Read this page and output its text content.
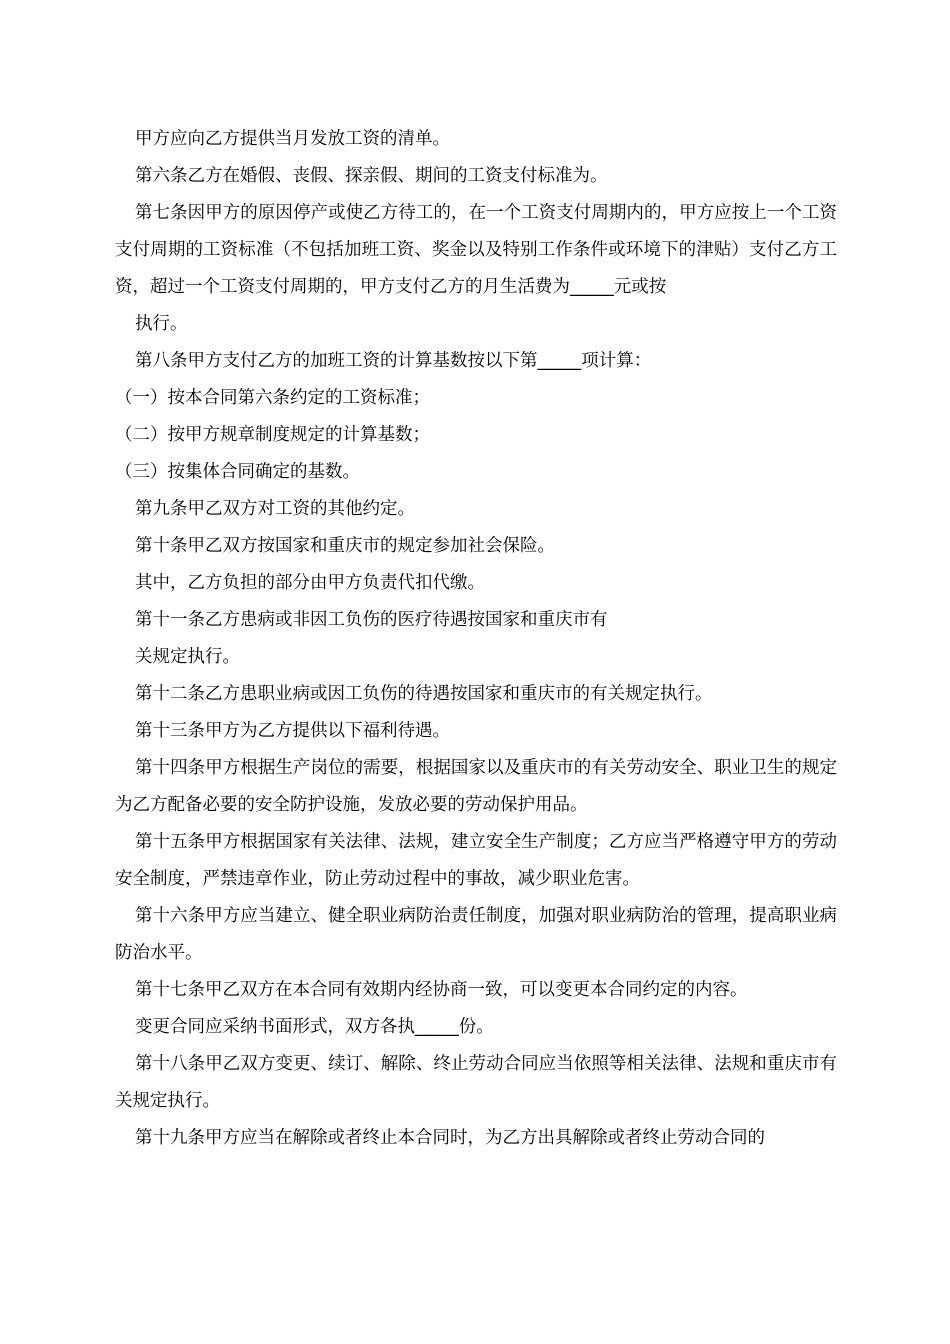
甲方应向乙方提供当月发放工资的清单。

第六条乙方在婚假、丧假、探亲假、期间的工资支付标准为。

第七条因甲方的原因停产或使乙方待工的，在一个工资支付周期内的，甲方应按上一个工资支付周期的工资标准（不包括加班工资、奖金以及特别工作条件或环境下的津贴）支付乙方工资，超过一个工资支付周期的，甲方支付乙方的月生活费为_____元或按

执行。

第八条甲方支付乙方的加班工资的计算基数按以下第_____项计算：

（一）按本合同第六条约定的工资标准；

（二）按甲方规章制度规定的计算基数；

（三）按集体合同确定的基数。

第九条甲乙双方对工资的其他约定。

第十条甲乙双方按国家和重庆市的规定参加社会保险。

其中，乙方负担的部分由甲方负责代扣代缴。

第十一条乙方患病或非因工负伤的医疗待遇按国家和重庆市有

关规定执行。

第十二条乙方患职业病或因工负伤的待遇按国家和重庆市的有关规定执行。

第十三条甲方为乙方提供以下福利待遇。

第十四条甲方根据生产岗位的需要，根据国家以及重庆市的有关劳动安全、职业卫生的规定为乙方配备必要的安全防护设施，发放必要的劳动保护用品。

第十五条甲方根据国家有关法律、法规，建立安全生产制度；乙方应当严格遵守甲方的劳动安全制度，严禁违章作业，防止劳动过程中的事故，减少职业危害。

第十六条甲方应当建立、健全职业病防治责任制度，加强对职业病防治的管理，提高职业病防治水平。

第十七条甲乙双方在本合同有效期内经协商一致，可以变更本合同约定的内容。

变更合同应采纳书面形式，双方各执_____份。

第十八条甲乙双方变更、续订、解除、终止劳动合同应当依照等相关法律、法规和重庆市有关规定执行。

第十九条甲方应当在解除或者终止本合同时，为乙方出具解除或者终止劳动合同的
